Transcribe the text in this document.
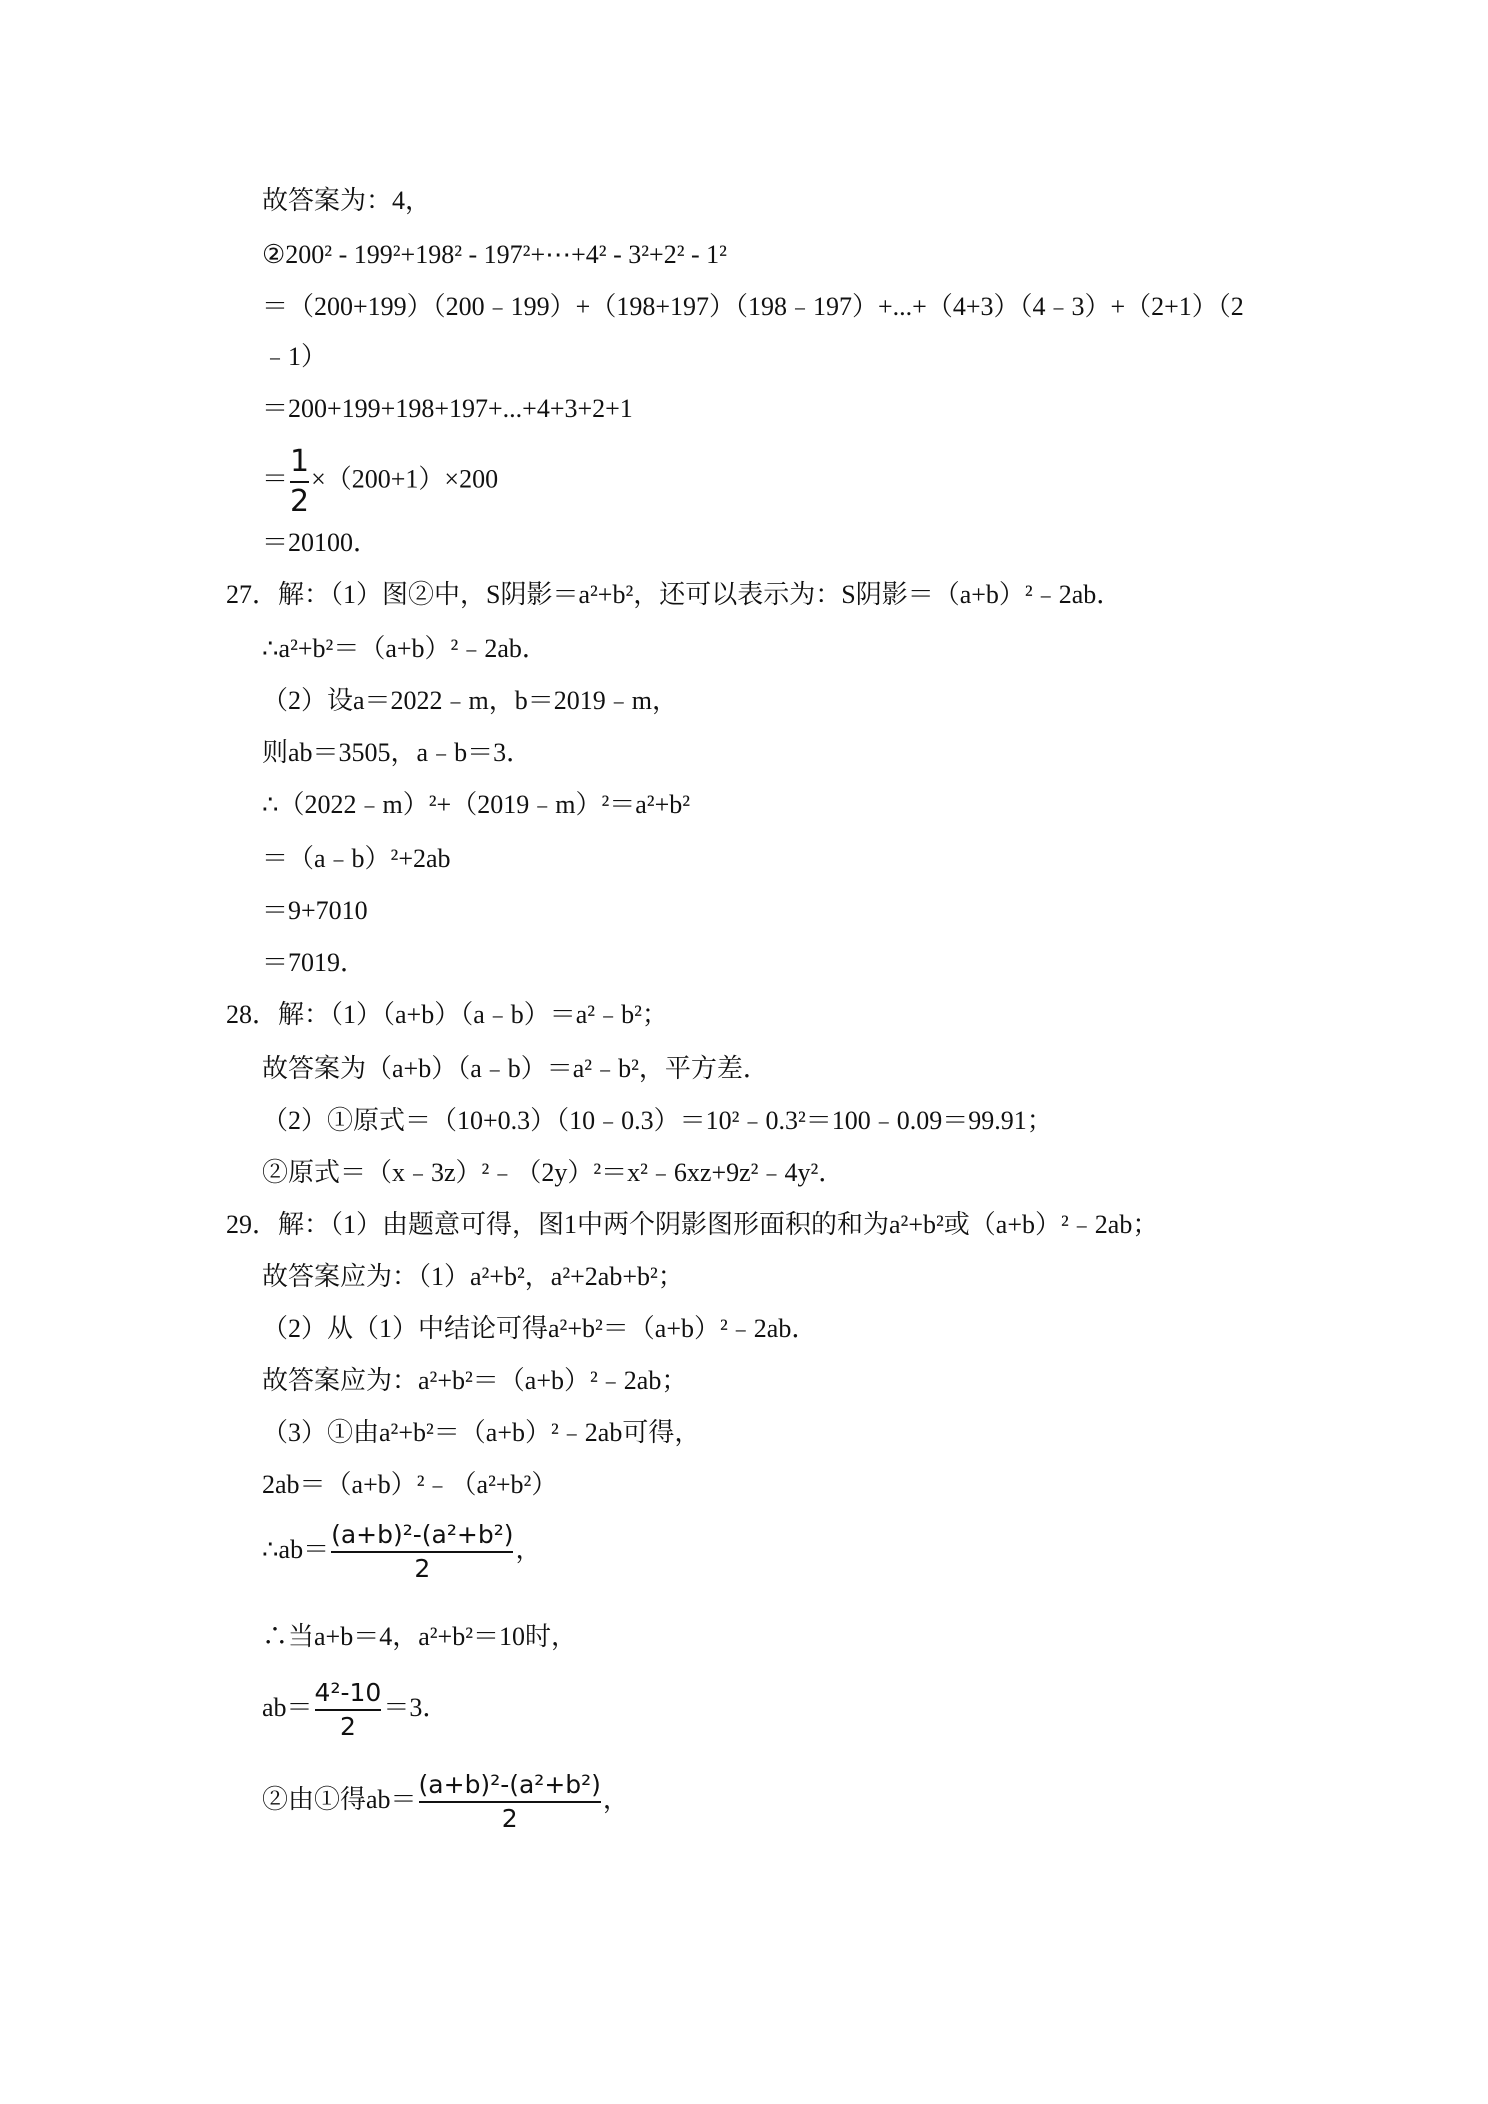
故答案为：4，
②200² - 199²+198² - 197²+⋯+4² - 3²+2² - 1²
＝（200+199）（200﹣199）+（198+197）（198﹣197）+...+（4+3）（4﹣3）+（2+1）（2
﹣1）
＝200+199+198+197+...+4+3+2+1
＝ $\frac{1}{2} \times(200+1)\times 200$
＝20100．
27．解：（1）图②中，S阴影＝a²+b²，还可以表示为：S阴影＝（a+b）²﹣2ab．
∴a²+b²＝（a+b）²﹣2ab．
（2）设a＝2022﹣m，b＝2019﹣m，
则ab＝3505，a﹣b＝3．
∴（2022﹣m）²+（2019﹣m）²＝a²+b²
＝（a﹣b）²+2ab
＝9+7010
＝7019．
28．解：（1）（a+b）（a﹣b）＝a²﹣b²；
故答案为（a+b）（a﹣b）＝a²﹣b²，平方差．
（2）①原式＝（10+0.3）（10﹣0.3）＝10²﹣0.3²＝100﹣0.09＝99.91；
②原式＝（x﹣3z）²﹣（2y）²＝x²﹣6xz+9z²﹣4y²．
29．解：（1）由题意可得，图1中两个阴影图形面积的和为a²+b²或（a+b）²﹣2ab；
故答案应为：（1）a²+b²，a²+2ab+b²；
（2）从（1）中结论可得a²+b²＝（a+b）²﹣2ab．
故答案应为：a²+b²＝（a+b）²﹣2ab；
（3）①由a²+b²＝（a+b）²﹣2ab可得，
2ab＝（a+b）²﹣（a²+b²）
∴ab＝ $\frac{\text{(a+b)²-(a²+b²)}}{2}$ ，
∴当a+b＝4，a²+b²＝10时，
$ab= \frac{\text{4²-10}}{2} =3$．
②由①得$ab= \frac{\text{(a+b)²-(a²+b²)}}{2}$ ，
